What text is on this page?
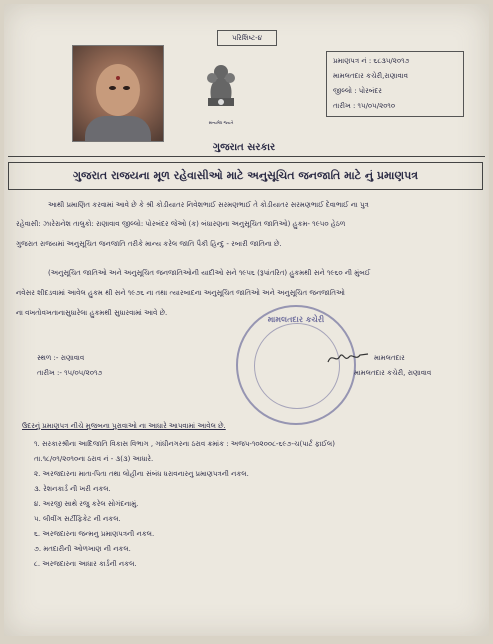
પરિશિષ્ટ-૪
સત્યમેવ જયતે
પ્રમાણપત્ર નં : ૬૮૩૫/૨૦૧૭
મામલતદાર કચેરી,રાણાવાવ
જીલ્લો : પોરબંદર
તારીખ : ૧૫/૦૫/૨૦૧૦
ગુજરાત સરકાર
ગુજરાત રાજયના મૂળ રહેવાસીઓ માટે અનુસૂચિત જનજાતિ માટે નું પ્રમાણપત્ર
આથી પ્રમાણિત કરવામાં આવે છે કે શ્રી કોડીયાતર નિવેશભાઈ સરમણભાઈ તે કોડીયાતર સરમણભાઈ દેવાભાઈ ના પુત્ર
રહેવાસી: ઝારેરાનેશ તાલુકો: રાણાવાવ જીલ્લો: પોરબંદર જેઓ (ક) બંધારણના અનુસૂચિત જાતિઓ) હુકમ- ૧૯૫૦ હેઠળ
ગુજરાત રાજયમાં અનુસૂચિત જનજાતિ તરીકે માન્ય કરેલ જાતિ પૈકી હિન્દુ - રબારી જાતિના છે.
(અનુસૂચિત જાતિઓ અને અનુસૂચિત જનજાતિઓની યાદીઓ સને ૧૯૫૬ (રૂપાંતરિત) હુકમથી સને ૧૯૬૦ ની મુંબઈ
નવેસર શીદડવામાં આવેલ હુકમ થી સને ૧૯૭૬ ના તથા ત્યારબાદના અનુસૂચિત જાતિઓ અને અનુસૂચિત જનજાતિઓ
ના વખતોવખતાનાસુધારેલા હુકમથી સુધારવામાં આવે છે.
મામલતદાર કચેરી
સ્થળ :- રાણાવાવ
તારીખ :- ૧૫/૦૫/૨૦૧૭
મામલતદાર
મામલતદાર કચેરી, રાણાવાવ
ઉદરનું પ્રમાણપત્ર નીચે મુજબના પુરાવાઓ ના આધારે આપવામાં આવેલ છે.
૧. સરકારશ્રીના આદિજાતિ વિકાસ વિભાગ , ગાંધીનગરના ઠરાવ ક્રમાંક : અજપ-૧૦૨૦૦૮-૬૯૭-ચ(પાર્ટ ફાઈલ)
તા.૧૮/૦૧/૨૦૧૦ના ઠરાવ નં - ૩(૩) આધારે.
૨. અરજદારના માતા-પિતા તથા લોહીના સંબંધ ધરાવનારનુ પ્રમાણપત્રની નકલ.
૩. રેશનકાર્ડ ની ખરી નકલ.
૪. અરજી સાથે રજુ કરેલ સોગંદનામું.
૫. લીવીંગ સર્ટીફિકેટ ની નકલ.
૬. અરજદારના જન્મનુ પ્રમાણપત્રની નકલ.
૭. મતદારીની ઓળખાણ ની નકલ.
૮. અરજદારના આધાર કાર્ડની નકલ.
